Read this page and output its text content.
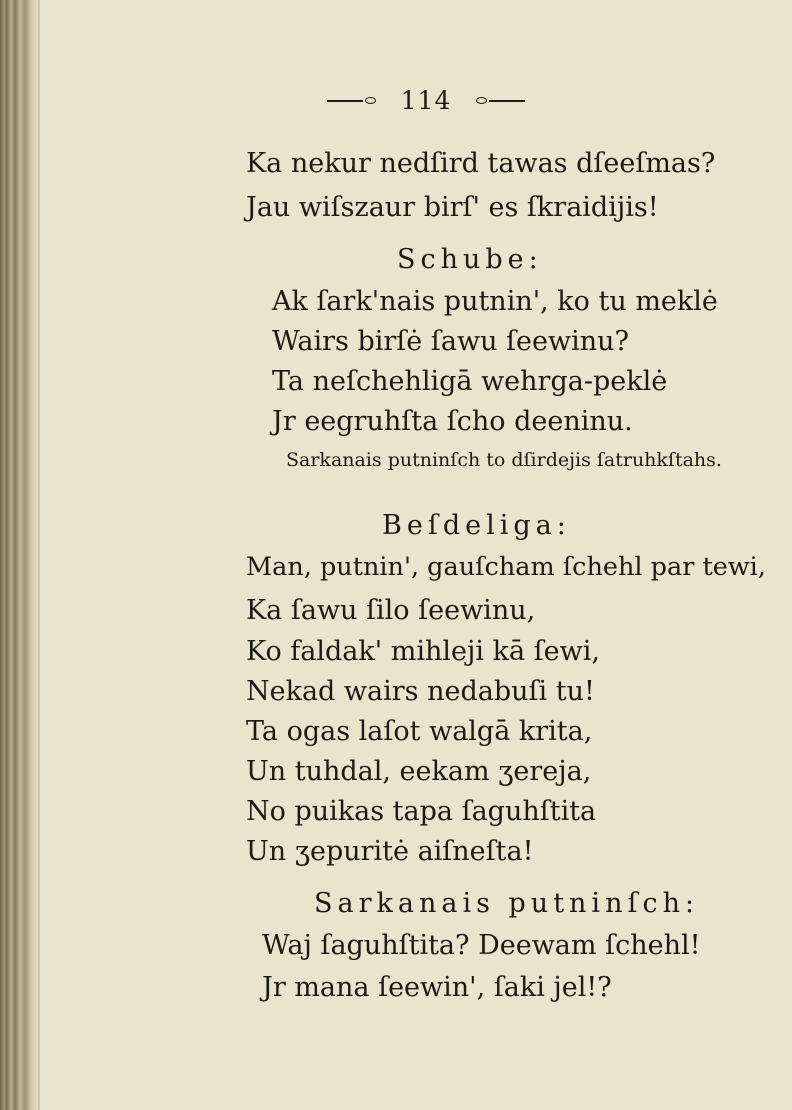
114
Ka nekur nedſird tawas dſeeſmas?
Jau wiſszaur birſ' es ſkraidijis!
Schube:
Ak ſark'nais putnin', ko tu meklė
Wairs birſė ſawu ſeewinu?
Ta neſchehligā wehrga-peklė
Jr eegruhſta ſcho deeninu.
Sarkanais putninſch to dſirdejis ſatruhkſtahs.
Beſdeliga:
Man, putnin', gauſcham ſchehl par tewi,
Ka ſawu ſilo ſeewinu,
Ko faldak' mihleji kā ſewi,
Nekad wairs nedabuſi tu!
Ta ogas laſot walgā krita,
Un tuhdal, eekam ʒereja,
No puikas tapa ſaguhſtita
Un ʒepuritė aiſneſta!
Sarkanais putninſch:
Waj ſaguhſtita? Deewam ſchehl!
Jr mana ſeewin', ſaki jel!?
